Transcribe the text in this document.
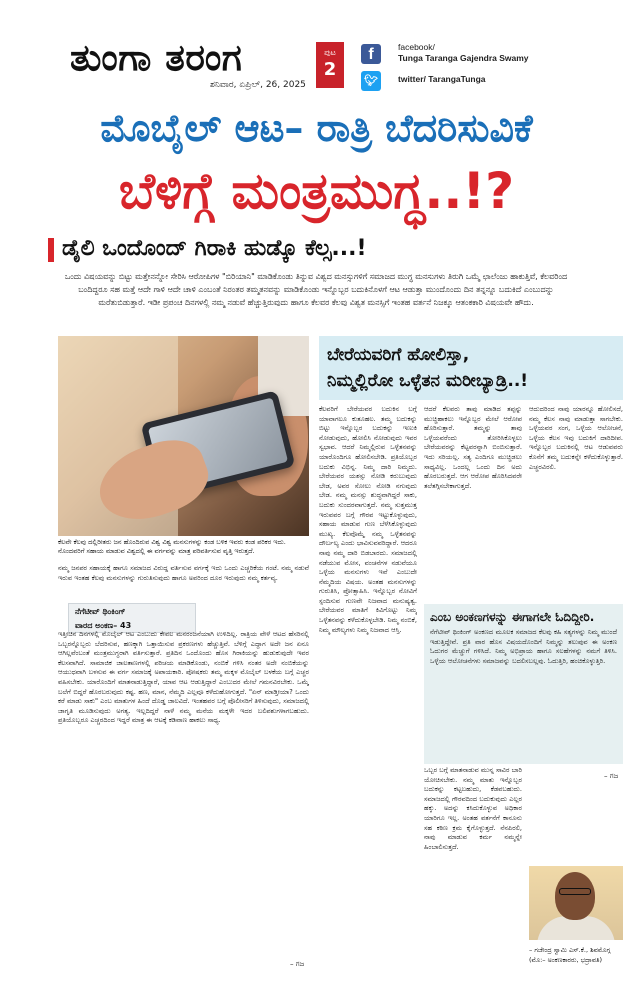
ತುಂಗಾ ತರಂಗ
ಶನಿವಾರ, ಏಪ್ರಿಲ್, 26, 2025
ಪುಟ
2
f
🐦︎
facebook/
Tunga Taranga Gajendra Swamy
twitter/ TarangaTunga
ಮೊಬೈಲ್ ಆಟ– ರಾತ್ರಿ ಬೆದರಿಸುವಿಕೆ
ಬೆಳಿಗ್ಗೆ ಮಂತ್ರಮುಗ್ಧ..!?
ಡೈಲಿ ಒಂದೊಂದ್ ಗಿರಾಕಿ ಹುಡ್ಕೊ ಕೆಲ್ಸ...!
ಒಂದು ವಿಷಯವನ್ನು ಬಿಟ್ಟು ಮತ್ತೇನನ್ನೋ ಸೇರಿಸಿ ಆರೋಪಿಗಳ "ಬಿರಿಯಾನಿ" ಮಾಡಿಕೊಂಡು ತಿನ್ನುವ ವಿಶ್ವದ ಮನಸ್ಸುಗಳಿಗೆ ಸಮಾಜದ ಮುಗ್ಧ ಮನಸುಗಳು ತಿರುಗಿ ಒಮ್ಮೆ ಛಾಲೆಂಜು ಹಾಕುತ್ತಿವೆ, ಕೆಲವರಿಂದ ಬಂದಿದ್ದರೂ ಸಹ ಮತ್ತೆ ಆದೇ ಗಾಳಿ ಆದೇ ಚಾಳಿ ಎಂಬಂತೆ ನಿರಂತರ ತಮ್ಮತನವನ್ನು ಮಾಡಿಕೊಂಡು ಇನ್ನೊಬ್ಬರ ಬದುಕಿನೊಳಗೆ ಆಟ ಆಡುತ್ತಾ ಮುಂದೊಂದು ದಿನ ತನ್ನನ್ನೂ ಬದುಕಿದೆ ಎಂಬುದನ್ನು ಮರೆತುಬಿಡುತ್ತಾರೆ. ಇಡೀ ಪ್ರಪಂಚ ದಿನಗಳಲ್ಲಿ ನಮ್ಮ ನಡುವೆ ಹೆಚ್ಚುತ್ತಿರುವುದು ಹಾಗೂ ಕೆಲವರ ಕೆಲವು ವಿಶ್ವತ ಮನಸ್ಸಿಗೆ ಇಂತಹ ವರ್ತನೆ ನಿಜಕ್ಕೂ ಆತಂಕಕಾರಿ ವಿಷಯವೇ ಹೌದು.
ಕೆಲವೇ ಕೆಲವು ದಲ್ಲಿರೀತರು ಜನ ಹೊಂದಿರುವ ವಿಶ್ವ ವಿಶ್ವ ಮನಸುಗಳನ್ನು ಕಂಡ ಬಳಿಕ ಇವರು ಕಂಡ ಪರಿಕರ ಇದು. ನೊಂದವರಿಗೆ ಸಹಾಯ ಮಾಡುವ ವಿಶ್ವದಲ್ಲಿ ಈ ವರ್ಗವನ್ನು ಮಾತ್ರ ಪರಿವರ್ತಿಸುವ ವೃತ್ತಿ ಇರುತ್ತದೆ.
ನಮ್ಮ ಜನಪರ ಸಹಾಯಕ್ಕೆ ಹಾಗೂ ಸಮಾಜದ ವಿರುದ್ದ ವರ್ತಿಸುವ ವರ್ಗಕ್ಕೆ ಇದು ಒಂದು ಎಚ್ಚರಿಕೆಯ ಗಂಟೆ. ನಮ್ಮ ನಡುವೆ ಇರುವ ಇಂತಹ ಕೆಲವು ಮನಸುಗಳನ್ನು ಗುರುತಿಸುವುದು ಹಾಗೂ ಅವರಿಂದ ದೂರ ಇರುವುದು ನಮ್ಮ ಕರ್ತವ್ಯ.
ನೆಗೆಟೀವ್ ಥಿಂಕಿಂಗ್
ವಾರದ ಅಂಕಣ– 43
ಇತ್ತೀಚಿನ ದಿನಗಳಲ್ಲಿ ಮೊಬೈಲ್ ಆಟ ಎಂಬುದು ಕೇವಲ ಮನರಂಜನೆಯಾಗಿ ಉಳಿದಿಲ್ಲ. ರಾತ್ರಿಯ ವೇಳೆ ಆಟದ ಹೆಸರಿನಲ್ಲಿ ಒಬ್ಬರನ್ನೊಬ್ಬರು ಬೆದರಿಸುವ, ಹಣಕ್ಕಾಗಿ ಒತ್ತಾಯಿಸುವ ಪ್ರಕರಣಗಳು ಹೆಚ್ಚುತ್ತಿವೆ. ಬೆಳಿಗ್ಗೆ ಎದ್ದಾಗ ಅದೇ ಜನ ಏನೂ ಆಗಿಲ್ಲವೆಂಬಂತೆ ಮಂತ್ರಮುಗ್ಧರಾಗಿ ವರ್ತಿಸುತ್ತಾರೆ. ಪ್ರತಿದಿನ ಒಂದೊಂದು ಹೊಸ ಗಿರಾಕಿಯನ್ನು ಹುಡುಕುವುದೇ ಇವರ ಕೆಲಸವಾಗಿದೆ. ಸಾಮಾಜಿಕ ಜಾಲತಾಣಗಳಲ್ಲಿ ಪರಿಚಯ ಮಾಡಿಕೊಂಡು, ನಂಬಿಕೆ ಗಳಿಸಿ ನಂತರ ಅದೇ ನಂಬಿಕೆಯನ್ನು ಆಯುಧವಾಗಿ ಬಳಸುವ ಈ ವರ್ಗ ಸಮಾಜಕ್ಕೆ ಅಪಾಯಕಾರಿ. ಪೋಷಕರು ತಮ್ಮ ಮಕ್ಕಳ ಮೊಬೈಲ್ ಬಳಕೆಯ ಬಗ್ಗೆ ಎಚ್ಚರ ವಹಿಸಬೇಕು. ಯಾರೊಂದಿಗೆ ಮಾತನಾಡುತ್ತಿದ್ದಾರೆ, ಯಾವ ಆಟ ಆಡುತ್ತಿದ್ದಾರೆ ಎಂಬುದರ ಮೇಲೆ ಗಮನವಿರಬೇಕು. ಒಮ್ಮೆ ಬಲೆಗೆ ಬಿದ್ದರೆ ಹೊರಬರುವುದು ಕಷ್ಟ. ಹಣ, ಮಾನ, ನೆಮ್ಮದಿ ಎಲ್ಲವೂ ಕಳೆದುಹೋಗುತ್ತದೆ. "ಏನ್ ಮಾಡ್ತೀಯಾ? ಒಂದು ಕರೆ ಮಾಡು ಸಾಕು" ಎಂಬ ಮಾತುಗಳ ಹಿಂದೆ ದೊಡ್ಡ ಜಾಲವಿದೆ. ಇಂತಹವರ ಬಗ್ಗೆ ಪೊಲೀಸರಿಗೆ ತಿಳಿಸುವುದು, ಸಮಾಜದಲ್ಲಿ ಜಾಗೃತಿ ಮೂಡಿಸುವುದು ಅಗತ್ಯ. ಇಲ್ಲದಿದ್ದರೆ ನಾಳೆ ನಮ್ಮ ಮನೆಯ ಮಕ್ಕಳೇ ಇದರ ಬಲಿಪಶುಗಳಾಗಬಹುದು. ಪ್ರತಿಯೊಬ್ಬರೂ ಎಚ್ಚರದಿಂದ ಇದ್ದರೆ ಮಾತ್ರ ಈ ಆಟಕ್ಕೆ ಕಡಿವಾಣ ಹಾಕಲು ಸಾಧ್ಯ.
– ಗಜ
ಬೇರೆಯವರಿಗೆ ಹೋಲಿಸ್ತಾ,
ನಿಮ್ಮಲ್ಲಿರೋ ಒಳ್ಳೆತನ ಮರೀಬ್ಯಾಡ್ರಿ..!
ಕೆಲವರಿಗೆ ಬೇರೆಯವರ ಬದುಕಿನ ಬಗ್ಗೆ ಯಾವಾಗಲೂ ಕುತೂಹಲ. ತಮ್ಮ ಬದುಕನ್ನು ಬಿಟ್ಟು ಇನ್ನೊಬ್ಬರ ಬದುಕನ್ನು ಇಣುಕಿ ನೋಡುವುದು, ಹೋಲಿಸಿ ನೋಡುವುದು ಇವರ ಸ್ವಭಾವ. ಆದರೆ ನಿಮ್ಮಲ್ಲಿರುವ ಒಳ್ಳೆತನವನ್ನು ಯಾರೊಂದಿಗೂ ಹೋಲಿಸಬೇಡಿ. ಪ್ರತಿಯೊಬ್ಬರ ಬದುಕು ವಿಭಿನ್ನ. ನಿಮ್ಮ ದಾರಿ ನಿಮ್ಮದು. ಬೇರೆಯವರ ಯಶಸ್ಸು ನೋಡಿ ಕರುಬುವುದು ಬೇಡ, ಅವರ ಸೋಲು ನೋಡಿ ನಗುವುದು ಬೇಡ. ನಮ್ಮ ಮನಸ್ಸು ಶುದ್ಧವಾಗಿದ್ದರೆ ಸಾಕು, ಬದುಕು ಸುಂದರವಾಗುತ್ತದೆ. ನಮ್ಮ ಸುತ್ತಮುತ್ತ ಇರುವವರ ಬಗ್ಗೆ ಗೌರವ ಇಟ್ಟುಕೊಳ್ಳುವುದು, ಸಹಾಯ ಮಾಡುವ ಗುಣ ಬೆಳೆಸಿಕೊಳ್ಳುವುದು ಮುಖ್ಯ. ಕೆಲವೊಮ್ಮೆ ನಮ್ಮ ಒಳ್ಳೆತನವನ್ನು ದೌರ್ಬಲ್ಯ ಎಂದು ಭಾವಿಸುವವರಿದ್ದಾರೆ. ಆದರೂ ನಾವು ನಮ್ಮ ದಾರಿ ಬಿಡಬಾರದು. ಸಮಾಜದಲ್ಲಿ ನಡೆಯುವ ಮೋಸ, ವಂಚನೆಗಳ ನಡುವೆಯೂ ಒಳ್ಳೆಯ ಮನಸುಗಳು ಇವೆ ಎಂಬುದೇ ನೆಮ್ಮದಿಯ ವಿಷಯ. ಅಂತಹ ಮನಸುಗಳನ್ನು ಗುರುತಿಸಿ, ಪ್ರೋತ್ಸಾಹಿಸಿ. ಇನ್ನೊಬ್ಬರ ನೋವಿಗೆ ಸ್ಪಂದಿಸುವ ಗುಣವೇ ನಿಜವಾದ ಮನುಷ್ಯತ್ವ. ಬೇರೆಯವರ ಮಾತಿಗೆ ಕಿವಿಗೊಟ್ಟು ನಿಮ್ಮ ಒಳ್ಳೆತನವನ್ನು ಕಳೆದುಕೊಳ್ಳಬೇಡಿ. ನಿಮ್ಮ ನಂಬಿಕೆ, ನಿಮ್ಮ ಮೌಲ್ಯಗಳು ನಿಮ್ಮ ನಿಜವಾದ ಆಸ್ತಿ.
ಆದರೆ ಕೆಲವರು ತಾವು ಮಾಡಿದ ತಪ್ಪನ್ನು ಮುಚ್ಚಿಹಾಕಲು ಇನ್ನೊಬ್ಬರ ಮೇಲೆ ಆರೋಪ ಹೊರಿಸುತ್ತಾರೆ. ತಮ್ಮನ್ನು ತಾವು ಒಳ್ಳೆಯವರೆಂದು ತೋರಿಸಿಕೊಳ್ಳಲು ಬೇರೆಯವರನ್ನು ಕೆಟ್ಟವರನ್ನಾಗಿ ಬಿಂಬಿಸುತ್ತಾರೆ. ಇದು ಸರಿಯಲ್ಲ. ಸತ್ಯ ಎಂದಿಗೂ ಮುಚ್ಚಿಡಲು ಸಾಧ್ಯವಿಲ್ಲ. ಒಂದಲ್ಲ ಒಂದು ದಿನ ಅದು ಹೊರಬರುತ್ತದೆ. ಆಗ ಆರೋಪ ಹೊರಿಸಿದವರೇ ತಲೆತಗ್ಗಿಸಬೇಕಾಗುತ್ತದೆ.
ಆದುದರಿಂದ ನಾವು ಯಾರನ್ನೂ ಹೋಲಿಸದೆ, ನಮ್ಮ ಕೆಲಸ ನಾವು ಮಾಡುತ್ತಾ ಸಾಗಬೇಕು. ಒಳ್ಳೆಯವರ ಸಂಗ, ಒಳ್ಳೆಯ ಆಲೋಚನೆ, ಒಳ್ಳೆಯ ಕೆಲಸ ಇವು ಬದುಕಿಗೆ ದಾರಿದೀಪ. ಇನ್ನೊಬ್ಬರ ಬದುಕಿನಲ್ಲಿ ಆಟ ಆಡುವವರು ಕೊನೆಗೆ ತಮ್ಮ ಬದುಕನ್ನೇ ಕಳೆದುಕೊಳ್ಳುತ್ತಾರೆ. ಎಚ್ಚರವಿರಲಿ.
ಎಂಬ ಅಂಕಣಗಳನ್ನು ಈಗಾಗಲೇ ಓದಿದ್ದೀರಿ.
ನೆಗೆಟೀವ್ ಥಿಂಕಿಂಗ್ ಅಂಕಣದ ಮೂಲಕ ಸಮಾಜದ ಕೆಲವು ಕಹಿ ಸತ್ಯಗಳನ್ನು ನಿಮ್ಮ ಮುಂದೆ ಇಡುತ್ತಿದ್ದೇವೆ. ಪ್ರತಿ ವಾರ ಹೊಸ ವಿಷಯದೊಂದಿಗೆ ನಿಮ್ಮನ್ನು ತಲುಪುವ ಈ ಅಂಕಣ ಓದುಗರ ಮೆಚ್ಚುಗೆ ಗಳಿಸಿದೆ. ನಿಮ್ಮ ಅಭಿಪ್ರಾಯ ಹಾಗೂ ಸಲಹೆಗಳನ್ನು ನಮಗೆ ತಿಳಿಸಿ. ಒಳ್ಳೆಯ ಆಲೋಚನೆಗಳು ಸಮಾಜವನ್ನು ಬದಲಿಸಬಲ್ಲವು. ಓದುತ್ತಿರಿ, ಹಂಚಿಕೊಳ್ಳುತ್ತಿರಿ.
ಒಬ್ಬರ ಬಗ್ಗೆ ಮಾತನಾಡುವ ಮುನ್ನ ಸಾವಿರ ಬಾರಿ ಯೋಚಿಸಬೇಕು. ನಮ್ಮ ಮಾತು ಇನ್ನೊಬ್ಬರ ಬದುಕನ್ನು ಕಟ್ಟಬಹುದು, ಕೆಡವಬಹುದು. ಸಮಾಜದಲ್ಲಿ ಗೌರವದಿಂದ ಬದುಕುವುದು ಎಲ್ಲರ ಹಕ್ಕು. ಅದನ್ನು ಕಸಿದುಕೊಳ್ಳುವ ಅಧಿಕಾರ ಯಾರಿಗೂ ಇಲ್ಲ. ಅಂತಹ ವರ್ತನೆಗೆ ಕಾನೂನು ಸಹ ಕಠಿಣ ಕ್ರಮ ಕೈಗೊಳ್ಳುತ್ತದೆ. ನೆನಪಿರಲಿ, ನಾವು ಮಾಡುವ ಕರ್ಮ ನಮ್ಮನ್ನೇ ಹಿಂಬಾಲಿಸುತ್ತದೆ.
– ಗಜ
– ಗಜೇಂದ್ರ ಸ್ವಾಮಿ ಎಸ್.ಕೆ., ಶಿವಮೊಗ್ಗ
(ಮೊ:– ಅಂಕಣಕಾರರು, ಭದ್ರಾವತಿ)
